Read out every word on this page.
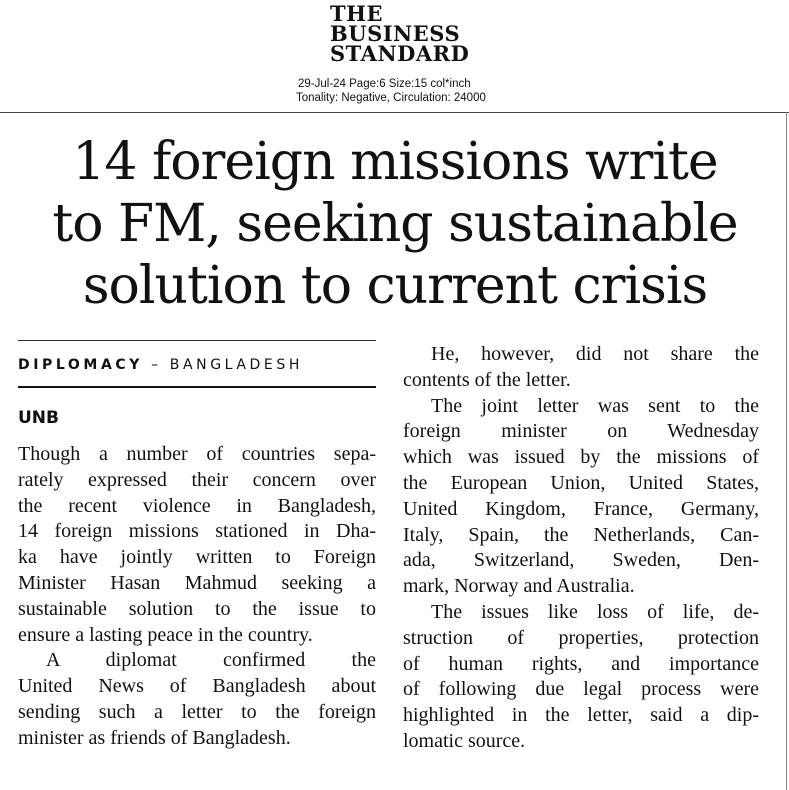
THE
BUSINESS
STANDARD
29-Jul-24 Page:6 Size:15 col*inch
Tonality: Negative, Circulation: 24000
14 foreign missions write
to FM, seeking sustainable
solution to current crisis
DIPLOMACY – BANGLADESH
UNB
Though a number of countries sepa-
rately expressed their concern over
the recent violence in Bangladesh,
14 foreign missions stationed in Dha-
ka have jointly written to Foreign
Minister Hasan Mahmud seeking a
sustainable solution to the issue to
ensure a lasting peace in the country.
A diplomat confirmed the
United News of Bangladesh about
sending such a letter to the foreign
minister as friends of Bangladesh.
He, however, did not share the
contents of the letter.
The joint letter was sent to the
foreign minister on Wednesday
which was issued by the missions of
the European Union, United States,
United Kingdom, France, Germany,
Italy, Spain, the Netherlands, Can-
ada, Switzerland, Sweden, Den-
mark, Norway and Australia.
The issues like loss of life, de-
struction of properties, protection
of human rights, and importance
of following due legal process were
highlighted in the letter, said a dip-
lomatic source.
